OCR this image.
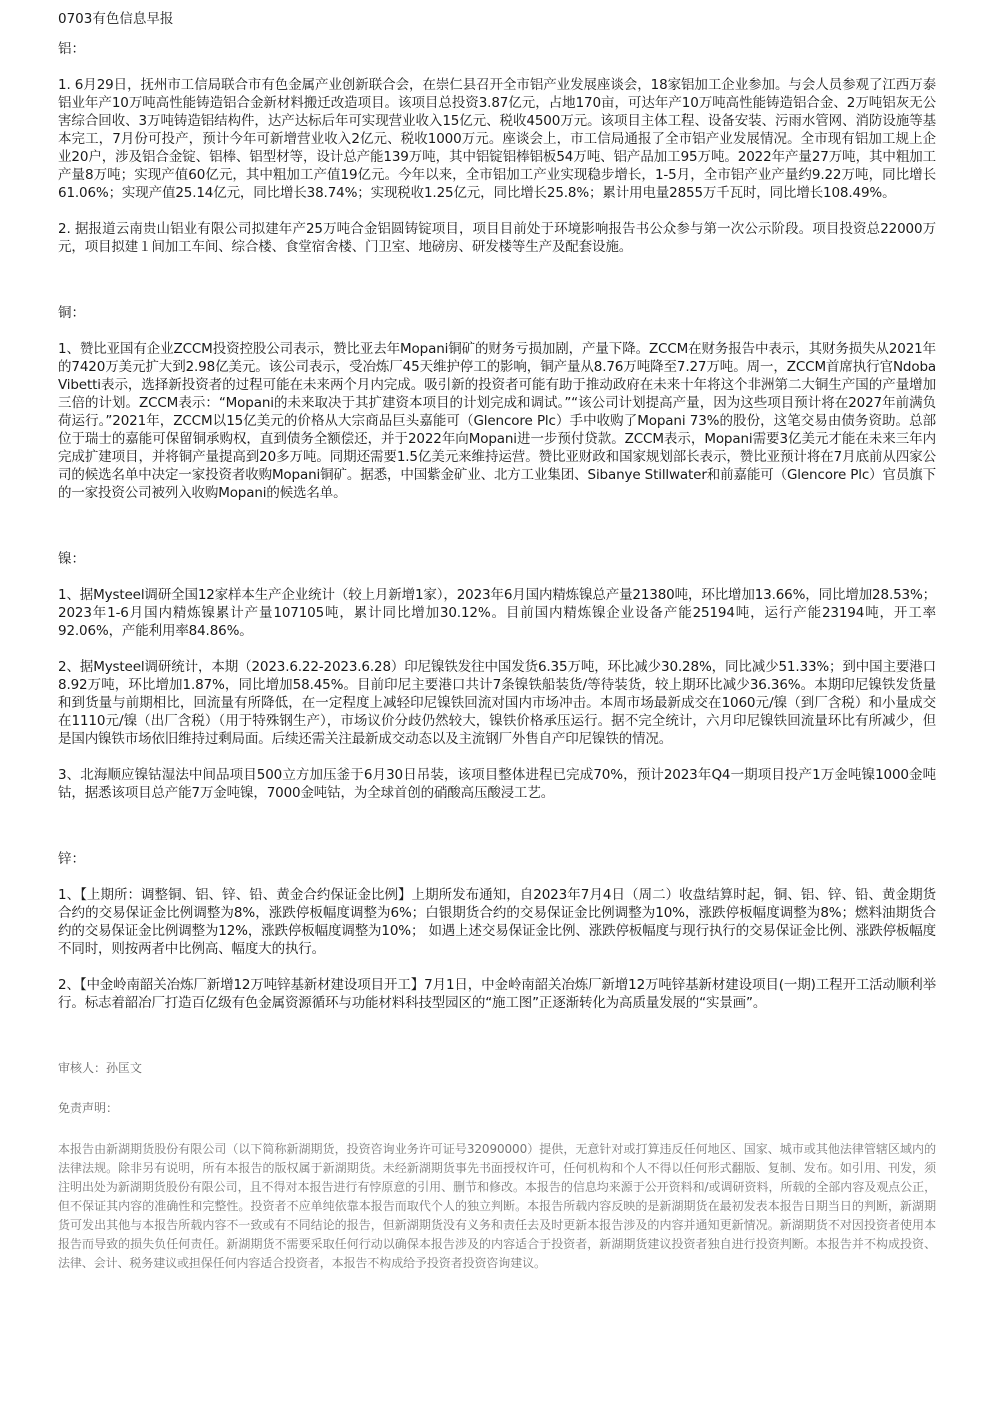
0703有色信息早报

铝：

1. 6月29日，抚州市工信局联合市有色金属产业创新联合会，在崇仁县召开全市铝产业发展座谈会，18家铝加工企业参加。与会人员参观了江西万泰铝业年产10万吨高性能铸造铝合金新材料搬迁改造项目。该项目总投资3.87亿元，占地170亩，可达年产10万吨高性能铸造铝合金、2万吨铝灰无公害综合回收、3万吨铸造铝结构件，达产达标后年可实现营业收入15亿元、税收4500万元。该项目主体工程、设备安装、污雨水管网、消防设施等基本完工，7月份可投产，预计今年可新增营业收入2亿元、税收1000万元。座谈会上，市工信局通报了全市铝产业发展情况。全市现有铝加工规上企业20户，涉及铝合金锭、铝棒、铝型材等，设计总产能139万吨，其中铝锭铝棒铝板54万吨、铝产品加工95万吨。2022年产量27万吨，其中粗加工产量8万吨；实现产值60亿元，其中粗加工产值19亿元。今年以来，全市铝加工产业实现稳步增长，1-5月，全市铝产业产量约9.22万吨，同比增长61.06%；实现产值25.14亿元，同比增长38.74%；实现税收1.25亿元，同比增长25.8%；累计用电量2855万千瓦时，同比增长108.49%。

2. 据报道云南贵山铝业有限公司拟建年产25万吨合金铝圆铸锭项目，项目目前处于环境影响报告书公众参与第一次公示阶段。项目投资总22000万元，项目拟建１间加工车间、综合楼、食堂宿舍楼、门卫室、地磅房、研发楼等生产及配套设施。

铜：

1、赞比亚国有企业ZCCM投资控股公司表示，赞比亚去年Mopani铜矿的财务亏损加剧，产量下降。ZCCM在财务报告中表示，其财务损失从2021年的7420万美元扩大到2.98亿美元。该公司表示，受冶炼厂45天维护停工的影响，铜产量从8.76万吨降至7.27万吨。周一，ZCCM首席执行官Ndoba Vibetti表示，选择新投资者的过程可能在未来两个月内完成。吸引新的投资者可能有助于推动政府在未来十年将这个非洲第二大铜生产国的产量增加三倍的计划。ZCCM表示：“Mopani的未来取决于其扩建资本项目的计划完成和调试。”“该公司计划提高产量，因为这些项目预计将在2027年前满负荷运行。”2021年，ZCCM以15亿美元的价格从大宗商品巨头嘉能可（Glencore Plc）手中收购了Mopani 73%的股份，这笔交易由债务资助。总部位于瑞士的嘉能可保留铜承购权，直到债务全额偿还，并于2022年向Mopani进一步预付贷款。ZCCM表示，Mopani需要3亿美元才能在未来三年内完成扩建项目，并将铜产量提高到20多万吨。同期还需要1.5亿美元来维持运营。赞比亚财政和国家规划部长表示，赞比亚预计将在7月底前从四家公司的候选名单中决定一家投资者收购Mopani铜矿。据悉，中国紫金矿业、北方工业集团、Sibanye Stillwater和前嘉能可（Glencore Plc）官员旗下的一家投资公司被列入收购Mopani的候选名单。

镍：

1、据Mysteel调研全国12家样本生产企业统计（较上月新增1家），2023年6月国内精炼镍总产量21380吨，环比增加13.66%，同比增加28.53%；2023年1-6月国内精炼镍累计产量107105吨，累计同比增加30.12%。目前国内精炼镍企业设备产能25194吨，运行产能23194吨，开工率92.06%，产能利用率84.86%。

2、据Mysteel调研统计，本期（2023.6.22-2023.6.28）印尼镍铁发往中国发货6.35万吨，环比减少30.28%，同比减少51.33%；到中国主要港口8.92万吨，环比增加1.87%，同比增加58.45%。目前印尼主要港口共计7条镍铁船装货/等待装货，较上期环比减少36.36%。本期印尼镍铁发货量和到货量与前期相比，回流量有所降低，在一定程度上减轻印尼镍铁回流对国内市场冲击。本周市场最新成交在1060元/镍（到厂含税）和小量成交在1110元/镍（出厂含税）（用于特殊钢生产），市场议价分歧仍然较大，镍铁价格承压运行。据不完全统计，六月印尼镍铁回流量环比有所减少，但是国内镍铁市场依旧维持过剩局面。后续还需关注最新成交动态以及主流钢厂外售自产印尼镍铁的情况。

3、北海顺应镍钴湿法中间品项目500立方加压釜于6月30日吊装，该项目整体进程已完成70%，预计2023年Q4一期项目投产1万金吨镍1000金吨钴，据悉该项目总产能7万金吨镍，7000金吨钴，为全球首创的硝酸高压酸浸工艺。

锌：

1、【上期所：调整铜、铝、锌、铅、黄金合约保证金比例】上期所发布通知，自2023年7月4日（周二）收盘结算时起，铜、铝、锌、铅、黄金期货合约的交易保证金比例调整为8%，涨跌停板幅度调整为6%；白银期货合约的交易保证金比例调整为10%，涨跌停板幅度调整为8%；燃料油期货合约的交易保证金比例调整为12%，涨跌停板幅度调整为10%； 如遇上述交易保证金比例、涨跌停板幅度与现行执行的交易保证金比例、涨跌停板幅度不同时，则按两者中比例高、幅度大的执行。

2、【中金岭南韶关冶炼厂新增12万吨锌基新材建设项目开工】7月1日，中金岭南韶关冶炼厂新增12万吨锌基新材建设项目(一期)工程开工活动顺利举行。标志着韶冶厂打造百亿级有色金属资源循环与功能材料科技型园区的“施工图”正逐渐转化为高质量发展的“实景画”。

审核人：孙匡文

免责声明：

本报告由新湖期货股份有限公司（以下简称新湖期货，投资咨询业务许可证号32090000）提供，无意针对或打算违反任何地区、国家、城市或其他法律管辖区域内的法律法规。除非另有说明，所有本报告的版权属于新湖期货。未经新湖期货事先书面授权许可，任何机构和个人不得以任何形式翻版、复制、发布。如引用、刊发，须注明出处为新湖期货股份有限公司，且不得对本报告进行有悖原意的引用、删节和修改。本报告的信息均来源于公开资料和/或调研资料，所载的全部内容及观点公正，但不保证其内容的准确性和完整性。投资者不应单纯依靠本报告而取代个人的独立判断。本报告所载内容反映的是新湖期货在最初发表本报告日期当日的判断，新湖期货可发出其他与本报告所载内容不一致或有不同结论的报告，但新湖期货没有义务和责任去及时更新本报告涉及的内容并通知更新情况。新湖期货不对因投资者使用本报告而导致的损失负任何责任。新湖期货不需要采取任何行动以确保本报告涉及的内容适合于投资者，新湖期货建议投资者独自进行投资判断。本报告并不构成投资、法律、会计、税务建议或担保任何内容适合投资者，本报告不构成给予投资者投资咨询建议。
